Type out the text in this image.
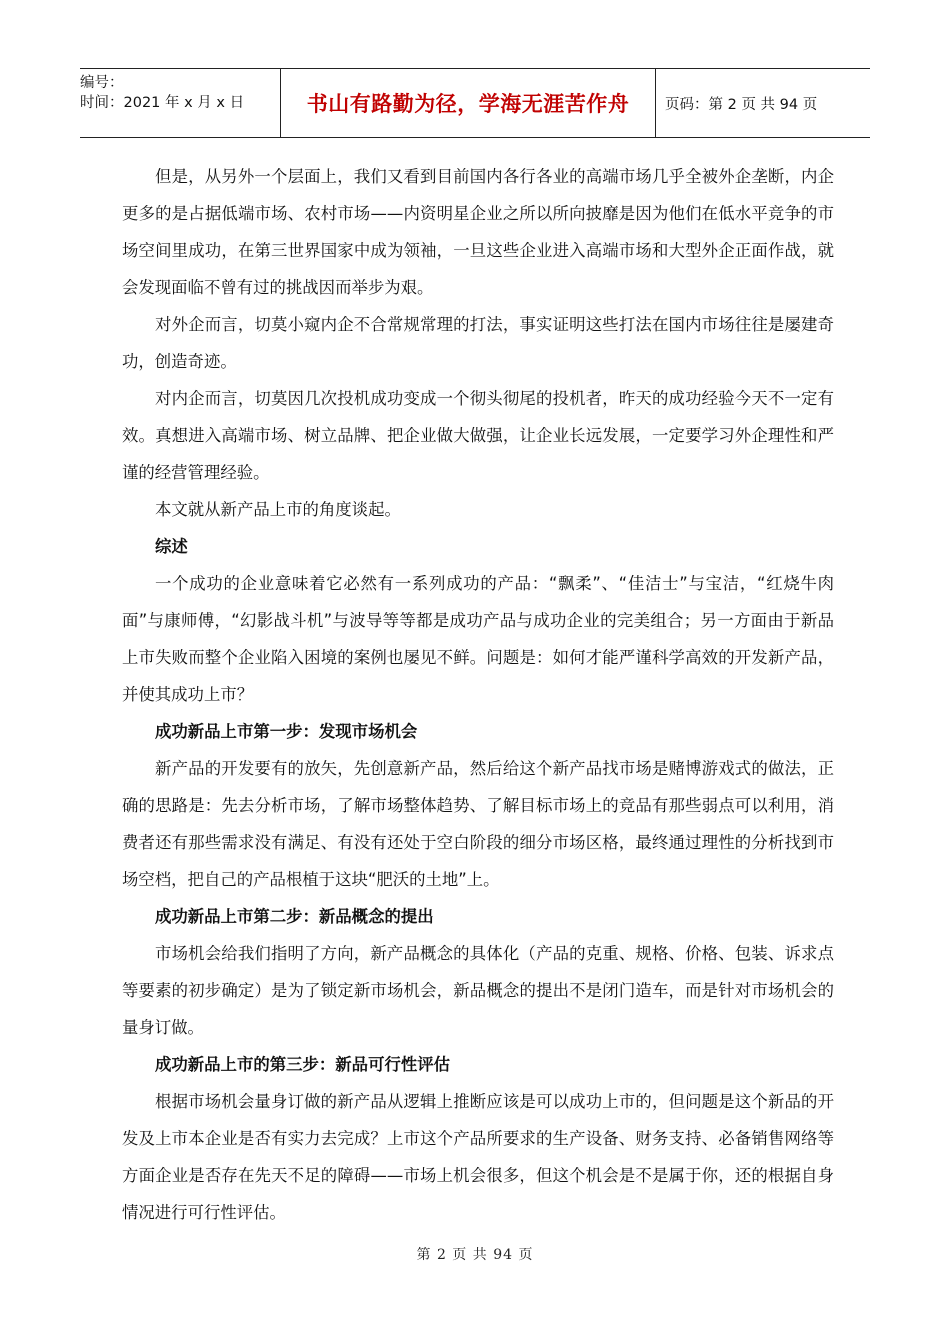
编号：
时间：2021 年 x 月 x 日	书山有路勤为径，学海无涯苦作舟 页码：第 2 页 共 94 页

但是，从另外一个层面上，我们又看到目前国内各行各业的高端市场几乎全被外企垄断，内企更多的是占据低端市场、农村市场——内资明星企业之所以所向披靡是因为他们在低水平竞争的市场空间里成功，在第三世界国家中成为领袖，一旦这些企业进入高端市场和大型外企正面作战，就会发现面临不曾有过的挑战因而举步为艰。

对外企而言，切莫小窥内企不合常规常理的打法，事实证明这些打法在国内市场往往是屡建奇功，创造奇迹。

对内企而言，切莫因几次投机成功变成一个彻头彻尾的投机者，昨天的成功经验今天不一定有效。真想进入高端市场、树立品牌、把企业做大做强，让企业长远发展，一定要学习外企理性和严谨的经营管理经验。

本文就从新产品上市的角度谈起。

综述

一个成功的企业意味着它必然有一系列成功的产品：“飘柔”、“佳洁士”与宝洁，“红烧牛肉面”与康师傅，“幻影战斗机”与波导等等都是成功产品与成功企业的完美组合；另一方面由于新品上市失败而整个企业陷入困境的案例也屡见不鲜。问题是：如何才能严谨科学高效的开发新产品，并使其成功上市？

成功新品上市第一步：发现市场机会

新产品的开发要有的放矢，先创意新产品，然后给这个新产品找市场是赌博游戏式的做法，正确的思路是：先去分析市场，了解市场整体趋势、了解目标市场上的竞品有那些弱点可以利用，消费者还有那些需求没有满足、有没有还处于空白阶段的细分市场区格，最终通过理性的分析找到市场空档，把自己的产品根植于这块“肥沃的土地”上。

成功新品上市第二步：新品概念的提出

市场机会给我们指明了方向，新产品概念的具体化（产品的克重、规格、价格、包装、诉求点等要素的初步确定）是为了锁定新市场机会，新品概念的提出不是闭门造车，而是针对市场机会的量身订做。

成功新品上市的第三步：新品可行性评估

根据市场机会量身订做的新产品从逻辑上推断应该是可以成功上市的，但问题是这个新品的开发及上市本企业是否有实力去完成？上市这个产品所要求的生产设备、财务支持、必备销售网络等方面企业是否存在先天不足的障碍——市场上机会很多，但这个机会是不是属于你，还的根据自身情况进行可行性评估。

第 2 页 共 94 页
